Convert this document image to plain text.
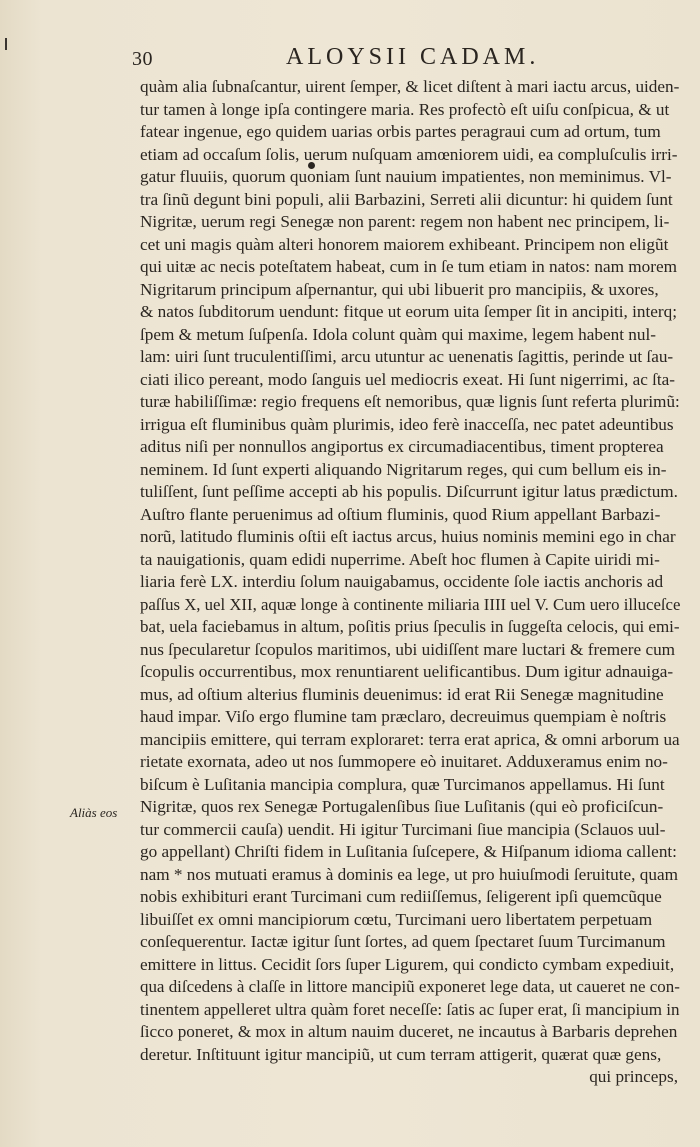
30	ALOYSII CADAM.
Aliàs eos
quàm alia ſubnaſcantur, uirent ſemper, & licet diſtent à mari iactu arcus, uiden-
tur tamen à longe ipſa contingere maria. Res profectò eſt uiſu conſpicua, & ut
fatear ingenue, ego quidem uarias orbis partes peragraui cum ad ortum, tum
etiam ad occaſum ſolis, uerum nuſquam amœniorem uidi, ea compluſculis irri-
gatur fluuiis, quorum quoniam ſunt nauium impatientes, non meminimus. Vl-
tra ſinũ degunt bini populi, alii Barbazini, Serreti alii dicuntur: hi quidem ſunt
Nigritæ, uerum regi Senegæ non parent: regem non habent nec principem, li-
cet uni magis quàm alteri honorem maiorem exhibeant. Principem non eligũt
qui uitæ ac necis poteſtatem habeat, cum in ſe tum etiam in natos: nam morem
Nigritarum principum aſpernantur, qui ubi libuerit pro mancipiis, & uxores,
& natos ſubditorum uendunt: fitque ut eorum uita ſemper ſit in ancipiti, interq;
ſpem & metum ſuſpenſa. Idola colunt quàm qui maxime, legem habent nul-
lam: uiri ſunt truculentiſſimi, arcu utuntur ac uenenatis ſagittis, perinde ut ſau-
ciati ilico pereant, modo ſanguis uel mediocris exeat. Hi ſunt nigerrimi, ac ſta-
turæ habiliſſimæ: regio frequens eſt nemoribus, quæ lignis ſunt referta plurimũ:
irrigua eſt fluminibus quàm plurimis, ideo ferè inacceſſa, nec patet adeuntibus
aditus niſi per nonnullos angiportus ex circumadiacentibus, timent propterea
neminem. Id ſunt experti aliquando Nigritarum reges, qui cum bellum eis in-
tuliſſent, ſunt peſſime accepti ab his populis. Diſcurrunt igitur latus prædictum.
Auſtro flante peruenimus ad oſtium fluminis, quod Rium appellant Barbazi-
norũ, latitudo fluminis oſtii eſt iactus arcus, huius nominis memini ego in char
ta nauigationis, quam edidi nuperrime. Abeſt hoc flumen à Capite uiridi mi-
liaria ferè LX. interdiu ſolum nauigabamus, occidente ſole iactis anchoris ad
paſſus X, uel XII, aquæ longe à continente miliaria IIII uel V. Cum uero illuceſce
bat, uela faciebamus in altum, poſitis prius ſpeculis in ſuggeſta celocis, qui emi-
nus ſpecularetur ſcopulos maritimos, ubi uidiſſent mare luctari & fremere cum
ſcopulis occurrentibus, mox renuntiarent uelificantibus. Dum igitur adnauiga-
mus, ad oſtium alterius fluminis deuenimus: id erat Rii Senegæ magnitudine
haud impar. Viſo ergo flumine tam præclaro, decreuimus quempiam è noſtris
mancipiis emittere, qui terram exploraret: terra erat aprica, & omni arborum ua
rietate exornata, adeo ut nos ſummopere eò inuitaret. Adduxeramus enim no-
biſcum è Luſitania mancipia complura, quæ Turcimanos appellamus. Hi ſunt
Nigritæ, quos rex Senegæ Portugalenſibus ſiue Luſitanis (qui eò proficiſcun-
tur commercii cauſa) uendit. Hi igitur Turcimani ſiue mancipia (Sclauos uul-
go appellant) Chriſti fidem in Luſitania ſuſcepere, & Hiſpanum idioma callent:
nam * nos mutuati eramus à dominis ea lege, ut pro huiuſmodi ſeruitute, quam
nobis exhibituri erant Turcimani cum rediiſſemus, ſeligerent ipſi quemcũque
libuiſſet ex omni mancipiorum cœtu, Turcimani uero libertatem perpetuam
conſequerentur. Iactæ igitur ſunt ſortes, ad quem ſpectaret ſuum Turcimanum
emittere in littus. Cecidit ſors ſuper Ligurem, qui condicto cymbam expediuit,
qua diſcedens à claſſe in littore mancipiũ exponeret lege data, ut caueret ne con-
tinentem appelleret ultra quàm foret neceſſe: ſatis ac ſuper erat, ſi mancipium in
ſicco poneret, & mox in altum nauim duceret, ne incautus à Barbaris deprehen
deretur. Inſtituunt igitur mancipiũ, ut cum terram attigerit, quærat quæ gens,
qui princeps,
